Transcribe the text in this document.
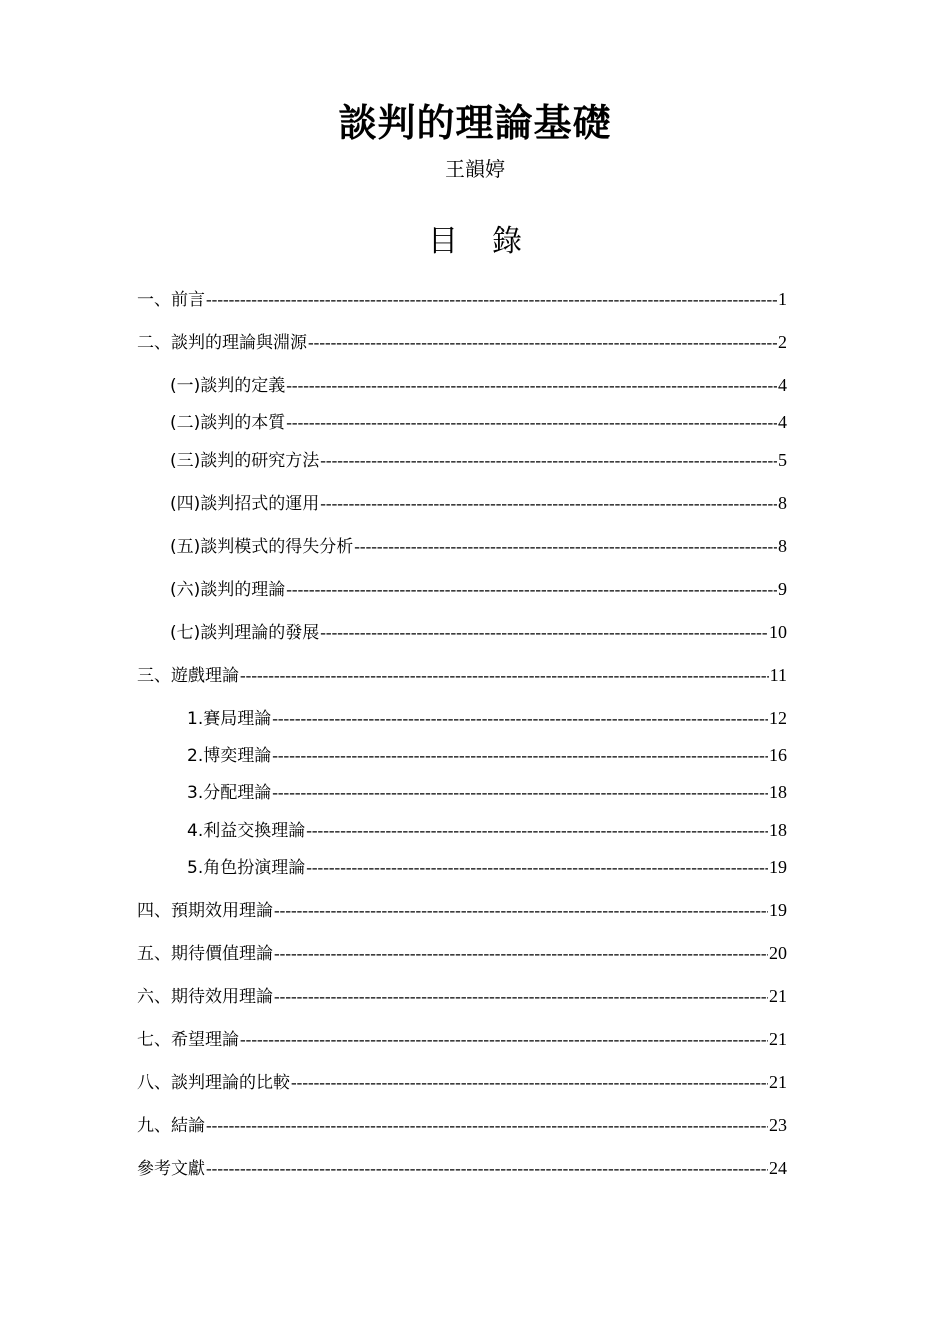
談判的理論基礎
王韻婷
目 錄
一、前言 -----	1
二、談判的理論與淵源 -----	2
(一)談判的定義 -----	4
(二)談判的本質 -----	4
(三)談判的研究方法 -----	5
(四)談判招式的運用 -----	8
(五)談判模式的得失分析 -----	8
(六)談判的理論 -----	9
(七)談判理論的發展 -----	10
三、遊戲理論 -----	11
1.賽局理論 -----	12
2.博奕理論 -----	16
3.分配理論 -----	18
4.利益交換理論 -----	18
5.角色扮演理論 -----	19
四、預期效用理論 -----	19
五、期待價值理論 -----	20
六、期待效用理論 -----	21
七、希望理論 -----	21
八、談判理論的比較 -----	21
九、結論 -----	23
參考文獻 -----	24
